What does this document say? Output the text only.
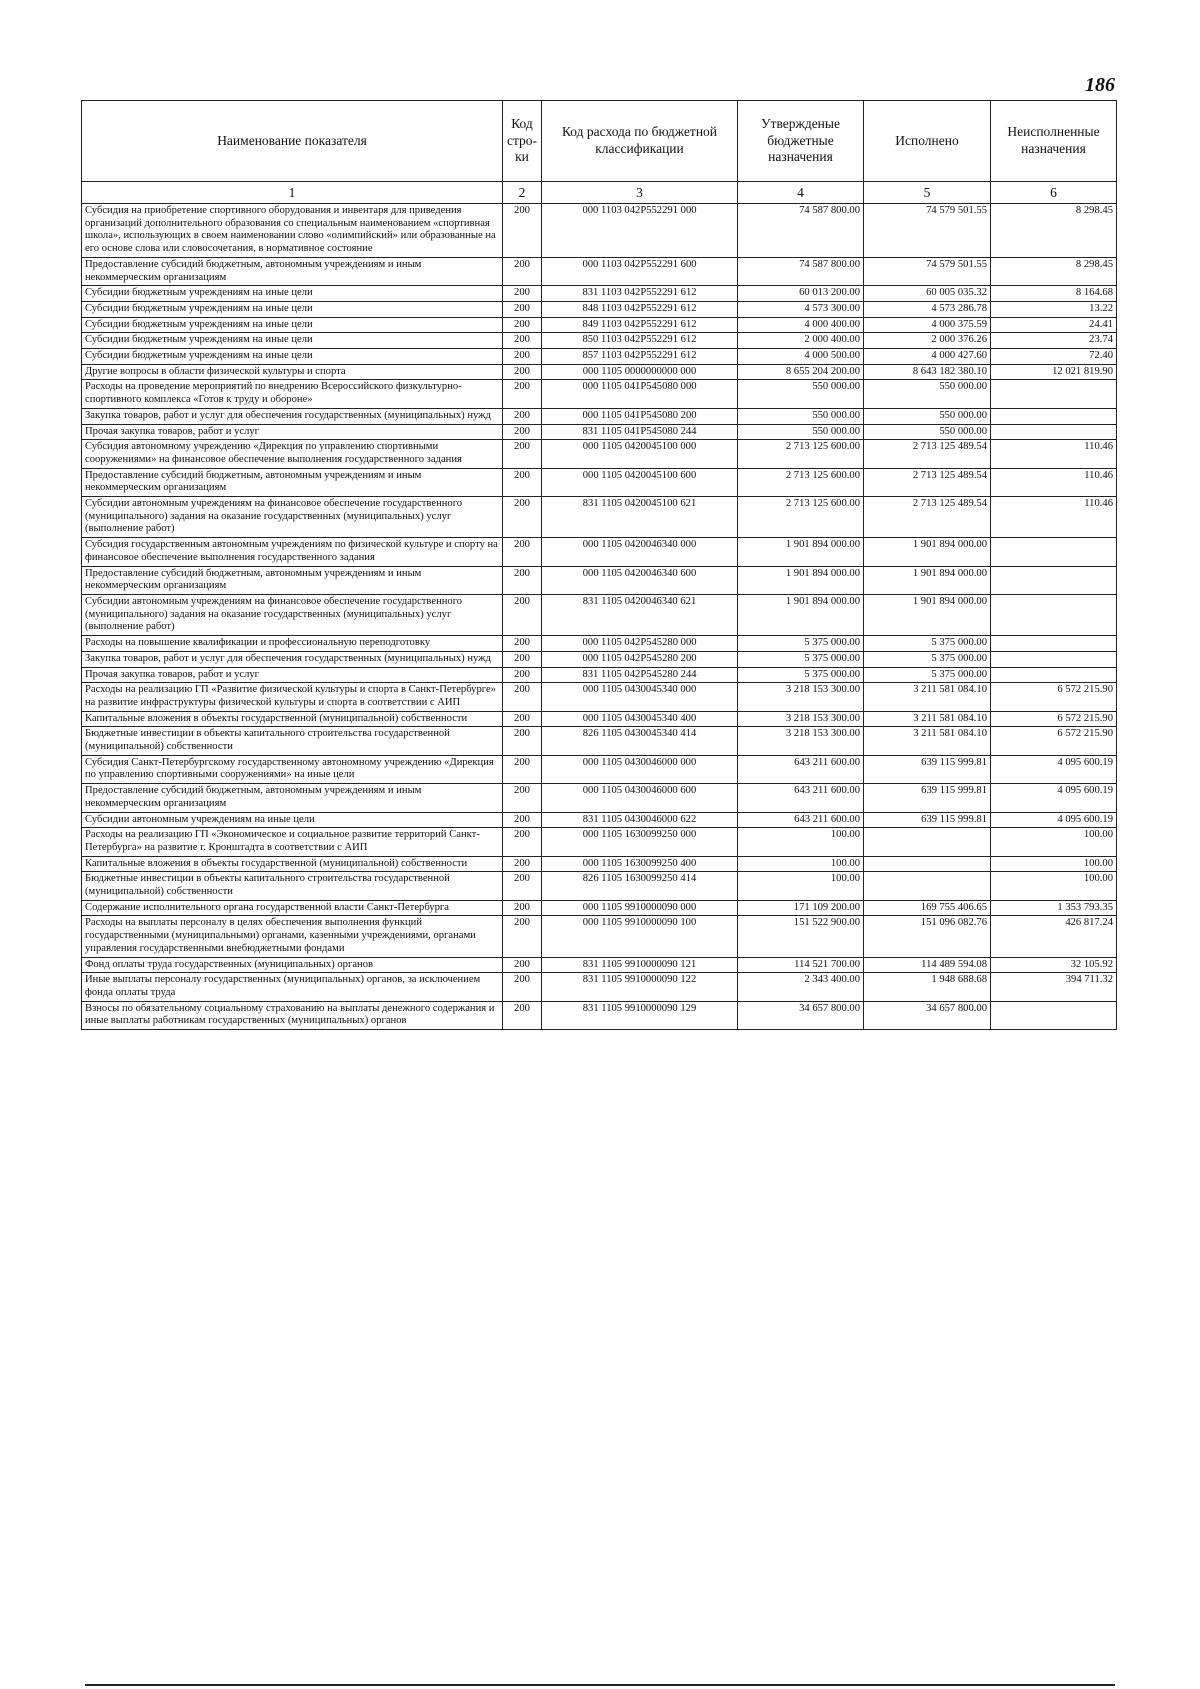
186
Наименование показателя	Код стро-ки	Код расхода по бюджетной классификации	Утвержденые бюджетные назначения	Исполнено	Неисполненные назначения
1	2	3	4	5	6
Субсидия на приобретение спортивного оборудования и инвентаря для приведения организаций дополнительного образования со специальным наименованием «спортивная школа», использующих в своем наименовании слово «олимпийский» или образованные на его основе слова или словосочетания, в нормативное состояние	200	000 1103 042Р552291 000	74 587 800.00	74 579 501.55	8 298.45
Предоставление субсидий бюджетным, автономным учреждениям и иным некоммерческим организациям	200	000 1103 042Р552291 600	74 587 800.00	74 579 501.55	8 298.45
Субсидии бюджетным учреждениям на иные цели	200	831 1103 042Р552291 612	60 013 200.00	60 005 035.32	8 164.68
Субсидии бюджетным учреждениям на иные цели	200	848 1103 042Р552291 612	4 573 300.00	4 573 286.78	13.22
Субсидии бюджетным учреждениям на иные цели	200	849 1103 042Р552291 612	4 000 400.00	4 000 375.59	24.41
Субсидии бюджетным учреждениям на иные цели	200	850 1103 042Р552291 612	2 000 400.00	2 000 376.26	23.74
Субсидии бюджетным учреждениям на иные цели	200	857 1103 042Р552291 612	4 000 500.00	4 000 427.60	72.40
Другие вопросы в области физической культуры и спорта	200	000 1105 0000000000 000	8 655 204 200.00	8 643 182 380.10	12 021 819.90
Расходы на проведение мероприятий по внедрению Всероссийского физкультурно-спортивного комплекса «Готов к труду и обороне»	200	000 1105 041Р545080 000	550 000.00	550 000.00	
Закупка товаров, работ и услуг для обеспечения государственных (муниципальных) нужд	200	000 1105 041Р545080 200	550 000.00	550 000.00	
Прочая закупка товаров, работ и услуг	200	831 1105 041Р545080 244	550 000.00	550 000.00	
Субсидия автономному учреждению «Дирекция по управлению спортивными сооружениями» на финансовое обеспечение выполнения государственного задания	200	000 1105 0420045100 000	2 713 125 600.00	2 713 125 489.54	110.46
Предоставление субсидий бюджетным, автономным учреждениям и иным некоммерческим организациям	200	000 1105 0420045100 600	2 713 125 600.00	2 713 125 489.54	110.46
Субсидии автономным учреждениям на финансовое обеспечение государственного (муниципального) задания на оказание государственных (муниципальных) услуг (выполнение работ)	200	831 1105 0420045100 621	2 713 125 600.00	2 713 125 489.54	110.46
Субсидия государственным автономным учреждениям по физической культуре и спорту на финансовое обеспечение выполнения государственного задания	200	000 1105 0420046340 000	1 901 894 000.00	1 901 894 000.00	
Предоставление субсидий бюджетным, автономным учреждениям и иным некоммерческим организациям	200	000 1105 0420046340 600	1 901 894 000.00	1 901 894 000.00	
Субсидии автономным учреждениям на финансовое обеспечение государственного (муниципального) задания на оказание государственных (муниципальных) услуг (выполнение работ)	200	831 1105 0420046340 621	1 901 894 000.00	1 901 894 000.00	
Расходы на повышение квалификации и профессиональную переподготовку	200	000 1105 042Р545280 000	5 375 000.00	5 375 000.00	
Закупка товаров, работ и услуг для обеспечения государственных (муниципальных) нужд	200	000 1105 042Р545280 200	5 375 000.00	5 375 000.00	
Прочая закупка товаров, работ и услуг	200	831 1105 042Р545280 244	5 375 000.00	5 375 000.00	
Расходы на реализацию ГП «Развитие физической культуры и спорта в Санкт-Петербурге» на развитие инфраструктуры физической культуры и спорта в соответствии с АИП	200	000 1105 0430045340 000	3 218 153 300.00	3 211 581 084.10	6 572 215.90
Капитальные вложения в объекты государственной (муниципальной) собственности	200	000 1105 0430045340 400	3 218 153 300.00	3 211 581 084.10	6 572 215.90
Бюджетные инвестиции в объекты капитального строительства государственной (муниципальной) собственности	200	826 1105 0430045340 414	3 218 153 300.00	3 211 581 084.10	6 572 215.90
Субсидия Санкт-Петербургскому государственному автономному учреждению «Дирекция по управлению спортивными сооружениями» на иные цели	200	000 1105 0430046000 000	643 211 600.00	639 115 999.81	4 095 600.19
Предоставление субсидий бюджетным, автономным учреждениям и иным некоммерческим организациям	200	000 1105 0430046000 600	643 211 600.00	639 115 999.81	4 095 600.19
Субсидии автономным учреждениям на иные цели	200	831 1105 0430046000 622	643 211 600.00	639 115 999.81	4 095 600.19
Расходы на реализацию ГП «Экономическое и социальное развитие территорий Санкт-Петербурга» на развитие г. Кронштадта в соответствии с АИП	200	000 1105 1630099250 000	100.00		100.00
Капитальные вложения в объекты государственной (муниципальной) собственности	200	000 1105 1630099250 400	100.00		100.00
Бюджетные инвестиции в объекты капитального строительства государственной (муниципальной) собственности	200	826 1105 1630099250 414	100.00		100.00
Содержание исполнительного органа государственной власти Санкт-Петербурга	200	000 1105 9910000090 000	171 109 200.00	169 755 406.65	1 353 793.35
Расходы на выплаты персоналу в целях обеспечения выполнения функций государственными (муниципальными) органами, казенными учреждениями, органами управления государственными внебюджетными фондами	200	000 1105 9910000090 100	151 522 900.00	151 096 082.76	426 817.24
Фонд оплаты труда государственных (муниципальных) органов	200	831 1105 9910000090 121	114 521 700.00	114 489 594.08	32 105.92
Иные выплаты персоналу государственных (муниципальных) органов, за исключением фонда оплаты труда	200	831 1105 9910000090 122	2 343 400.00	1 948 688.68	394 711.32
Взносы по обязательному социальному страхованию на выплаты денежного содержания и иные выплаты работникам государственных (муниципальных) органов	200	831 1105 9910000090 129	34 657 800.00	34 657 800.00	
